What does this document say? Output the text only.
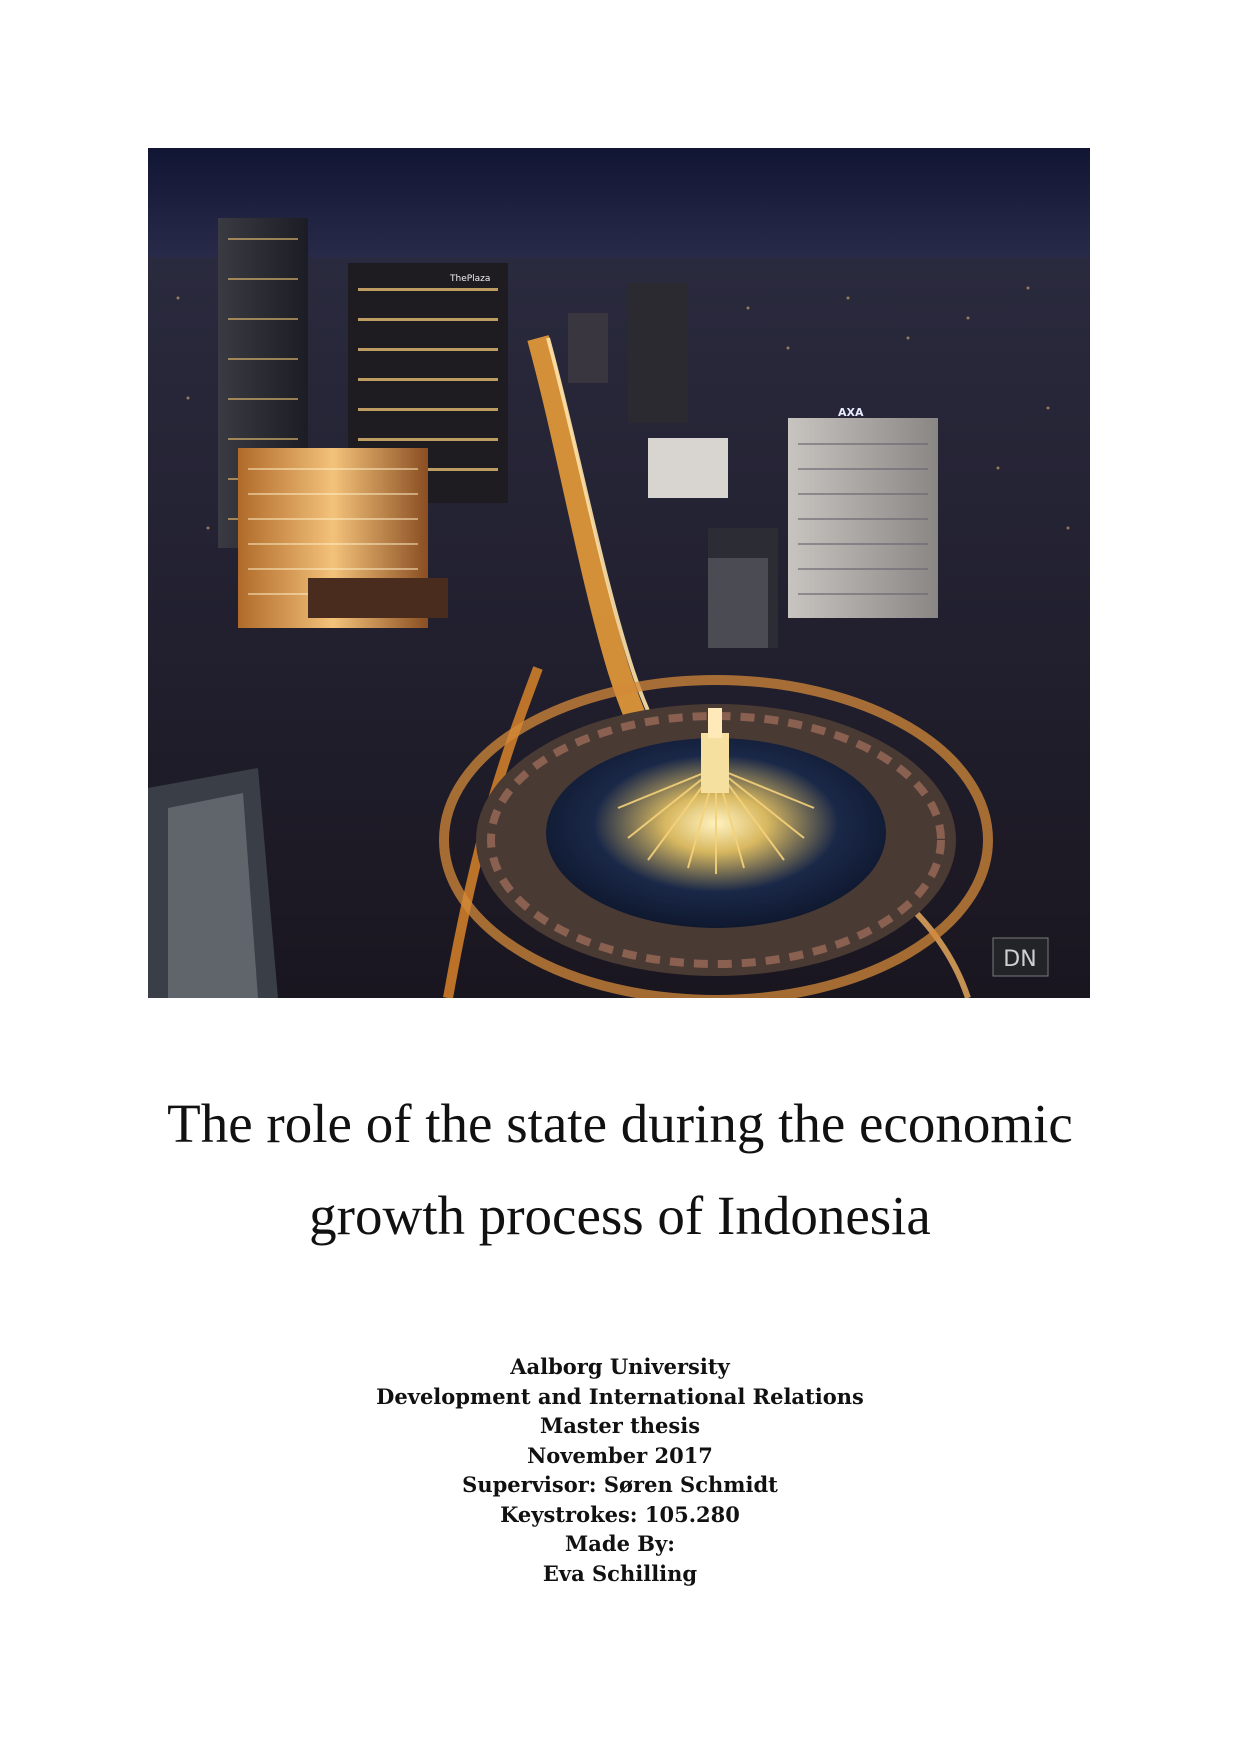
ThePlaza
AXA
DN
The role of the state during the economic
growth process of Indonesia
Aalborg University
Development and International Relations
Master thesis
November 2017
Supervisor: Søren Schmidt
Keystrokes: 105.280
Made By:
Eva Schilling
